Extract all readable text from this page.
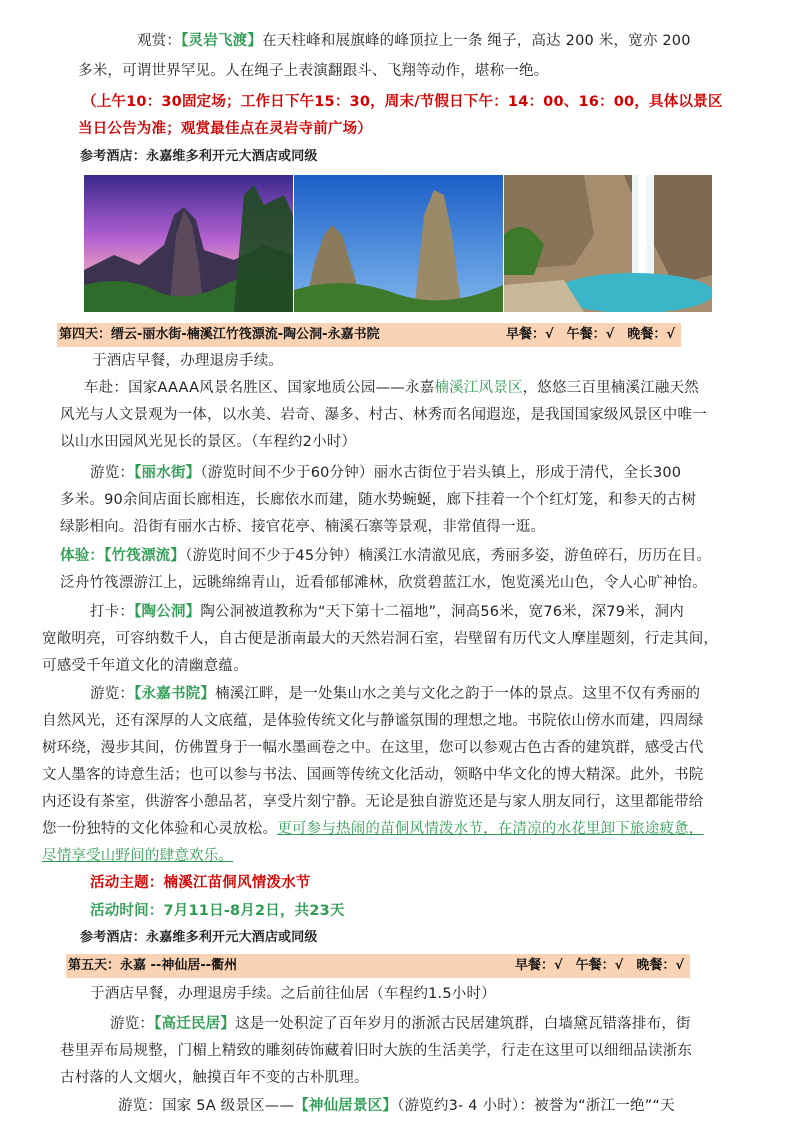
观赏：【灵岩飞渡】在天柱峰和展旗峰的峰顶拉上一条 绳子，高达 200 米，宽亦 200
多米，可谓世界罕见。人在绳子上表演翻跟斗、飞翔等动作，堪称一绝。
（上午10：30固定场；工作日下午15：30，周末/节假日下午：14：00、16：00，具体以景区
当日公告为准；观赏最佳点在灵岩寺前广场）
参考酒店：永嘉维多利开元大酒店或同级
第四天：缙云-丽水街-楠溪江竹筏漂流-陶公洞-永嘉书院	早餐：√　午餐：√　晚餐：√
于酒店早餐，办理退房手续。
车赴：国家AAAA风景名胜区、国家地质公园——永嘉楠溪江风景区，悠悠三百里楠溪江融天然
风光与人文景观为一体，以水美、岩奇、瀑多、村古、林秀而名闻遐迩，是我国国家级风景区中唯一
以山水田园风光见长的景区。（车程约2小时）
游览：【丽水街】（游览时间不少于60分钟）丽水古街位于岩头镇上，形成于清代，全长300
多米。90余间店面长廊相连，长廊依水而建，随水势蜿蜒，廊下挂着一个个红灯笼，和参天的古树
绿影相向。沿街有丽水古桥、接官花亭、楠溪石寨等景观，非常值得一逛。
体验：【竹筏漂流】（游览时间不少于45分钟）楠溪江水清澈见底，秀丽多姿，游鱼碎石，历历在目。
泛舟竹筏漂游江上，远眺绵绵青山，近看郁郁滩林，欣赏碧蓝江水，饱览溪光山色，令人心旷神怡。
打卡：【陶公洞】陶公洞被道教称为“天下第十二福地”，洞高56米，宽76米，深79米，洞内
宽敞明亮，可容纳数千人，自古便是浙南最大的天然岩洞石室，岩壁留有历代文人摩崖题刻，行走其间，
可感受千年道文化的清幽意蕴。
游览：【永嘉书院】楠溪江畔，是一处集山水之美与文化之韵于一体的景点。这里不仅有秀丽的
自然风光，还有深厚的人文底蕴，是体验传统文化与静谧氛围的理想之地。书院依山傍水而建，四周绿
树环绕，漫步其间，仿佛置身于一幅水墨画卷之中。在这里，您可以参观古色古香的建筑群，感受古代
文人墨客的诗意生活；也可以参与书法、国画等传统文化活动，领略中华文化的博大精深。此外，书院
内还设有茶室，供游客小憩品茗，享受片刻宁静。无论是独自游览还是与家人朋友同行，这里都能带给
您一份独特的文化体验和心灵放松。更可参与热闹的苗侗风情泼水节，在清凉的水花里卸下旅途疲惫，
尽情享受山野间的肆意欢乐。
活动主题：楠溪江苗侗风情泼水节
活动时间：7月11日-8月2日，共23天
参考酒店：永嘉维多利开元大酒店或同级
第五天：永嘉 --神仙居--衢州	早餐：√　午餐：√　晚餐：√
于酒店早餐，办理退房手续。之后前往仙居（车程约1.5小时）
游览：【高迁民居】这是一处积淀了百年岁月的浙派古民居建筑群，白墙黛瓦错落排布，街
巷里弄布局规整，门楣上精致的雕刻砖饰藏着旧时大族的生活美学，行走在这里可以细细品读浙东
古村落的人文烟火，触摸百年不变的古朴肌理。
游览：国家 5A 级景区——【神仙居景区】（游览约3- 4 小时）：被誉为“浙江一绝”“天
